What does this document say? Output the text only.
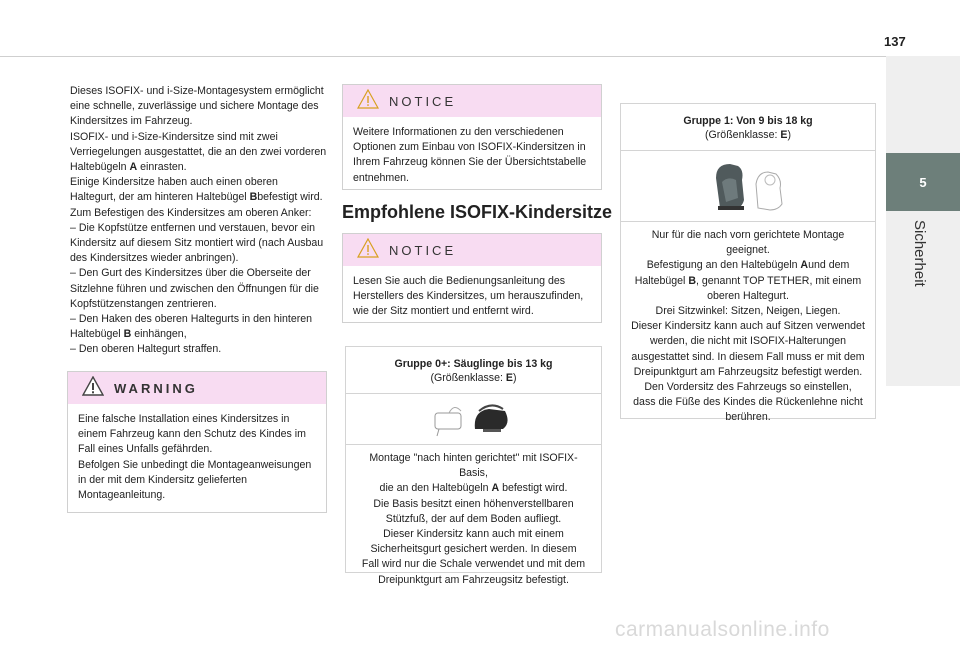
137
5
Sicherheit

Dieses ISOFIX- und i-Size-Montagesystem ermöglicht

eine schnelle, zuverlässige und sichere Montage des

Kindersitzes im Fahrzeug.

ISOFIX- und i-Size-Kindersitze sind mit zwei

Verriegelungen ausgestattet, die an den zwei vorderen

Haltebügeln A einrasten.

Einige Kindersitze haben auch einen oberen

Haltegurt, der am hinteren Haltebügel Bbefestigt wird.

Zum Befestigen des Kindersitzes am oberen Anker:

– Die Kopfstütze entfernen und verstauen, bevor ein

Kindersitz auf diesem Sitz montiert wird (nach Ausbau

des Kindersitzes wieder anbringen).

– Den Gurt des Kindersitzes über die Oberseite der

Sitzlehne führen und zwischen den Öffnungen für die

Kopfstützenstangen zentrieren.

– Den Haken des oberen Haltegurts in den hinteren

Haltebügel B einhängen,

– Den oberen Haltegurt straffen.

WARNING
Eine falsche Installation eines Kindersitzes in
einem Fahrzeug kann den Schutz des Kindes im
Fall eines Unfalls gefährden.
Befolgen Sie unbedingt die Montageanweisungen
in der mit dem Kindersitz gelieferten
Montageanleitung.
NOTICE
Weitere Informationen zu den verschiedenen
Optionen zum Einbau von ISOFIX-Kindersitzen in
Ihrem Fahrzeug können Sie der Übersichtstabelle
entnehmen.
Empfohlene ISOFIX-Kindersitze
NOTICE
Lesen Sie auch die Bedienungsanleitung des
Herstellers des Kindersitzes, um herauszufinden,
wie der Sitz montiert und entfernt wird.
Gruppe 0+: Säuglinge bis 13 kg
(Größenklasse: E)
Montage "nach hinten gerichtet" mit ISOFIX-Basis,
die an den Haltebügeln A befestigt wird.
Die Basis besitzt einen höhenverstellbaren
Stützfuß, der auf dem Boden aufliegt.
Dieser Kindersitz kann auch mit einem
Sicherheitsgurt gesichert werden. In diesem
Fall wird nur die Schale verwendet und mit dem
Dreipunktgurt am Fahrzeugsitz befestigt.
Gruppe 1: Von 9 bis 18 kg
(Größenklasse: E)
Nur für die nach vorn gerichtete Montage geeignet.
Befestigung an den Haltebügeln Aund dem
Haltebügel B, genannt TOP TETHER, mit einem
oberen Haltegurt.
Drei Sitzwinkel: Sitzen, Neigen, Liegen.
Dieser Kindersitz kann auch auf Sitzen verwendet
werden, die nicht mit ISOFIX-Halterungen
ausgestattet sind. In diesem Fall muss er mit dem
Dreipunktgurt am Fahrzeugsitz befestigt werden.
Den Vordersitz des Fahrzeugs so einstellen,
dass die Füße des Kindes die Rückenlehne nicht
berühren.
carmanualsonline.info
